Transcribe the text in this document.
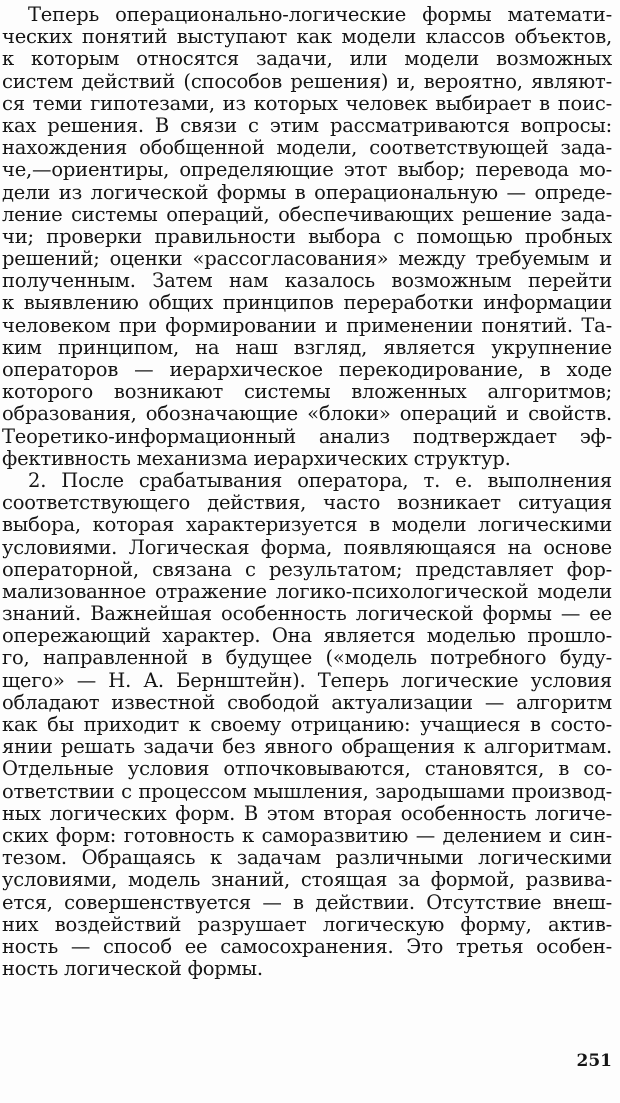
Теперь операционально-логические формы математи-
ческих понятий выступают как модели классов объектов,
к которым относятся задачи, или модели возможных
систем действий (способов решения) и, вероятно, являют-
ся теми гипотезами, из которых человек выбирает в поис-
ках решения. В связи с этим рассматриваются вопросы:
нахождения обобщенной модели, соответствующей зада-
че,—ориентиры, определяющие этот выбор; перевода мо-
дели из логической формы в операциональную — опреде-
ление системы операций, обеспечивающих решение зада-
чи; проверки правильности выбора с помощью пробных
решений; оценки «рассогласования» между требуемым и
полученным. Затем нам казалось возможным перейти
к выявлению общих принципов переработки информации
человеком при формировании и применении понятий. Та-
ким принципом, на наш взгляд, является укрупнение
операторов — иерархическое перекодирование, в ходе
которого возникают системы вложенных алгоритмов;
образования, обозначающие «блоки» операций и свойств.
Теоретико-информационный анализ подтверждает эф-
фективность механизма иерархических структур.
2. После срабатывания оператора, т. е. выполнения
соответствующего действия, часто возникает ситуация
выбора, которая характеризуется в модели логическими
условиями. Логическая форма, появляющаяся на основе
операторной, связана с результатом; представляет фор-
мализованное отражение логико-психологической модели
знаний. Важнейшая особенность логической формы — ее
опережающий характер. Она является моделью прошло-
го, направленной в будущее («модель потребного буду-
щего» — Н. А. Бернштейн). Теперь логические условия
обладают известной свободой актуализации — алгоритм
как бы приходит к своему отрицанию: учащиеся в состо-
янии решать задачи без явного обращения к алгоритмам.
Отдельные условия отпочковываются, становятся, в со-
ответствии с процессом мышления, зародышами производ-
ных логических форм. В этом вторая особенность логиче-
ских форм: готовность к саморазвитию — делением и син-
тезом. Обращаясь к задачам различными логическими
условиями, модель знаний, стоящая за формой, развива-
ется, совершенствуется — в действии. Отсутствие внеш-
них воздействий разрушает логическую форму, актив-
ность — способ ее самосохранения. Это третья особен-
ность логической формы.
251
